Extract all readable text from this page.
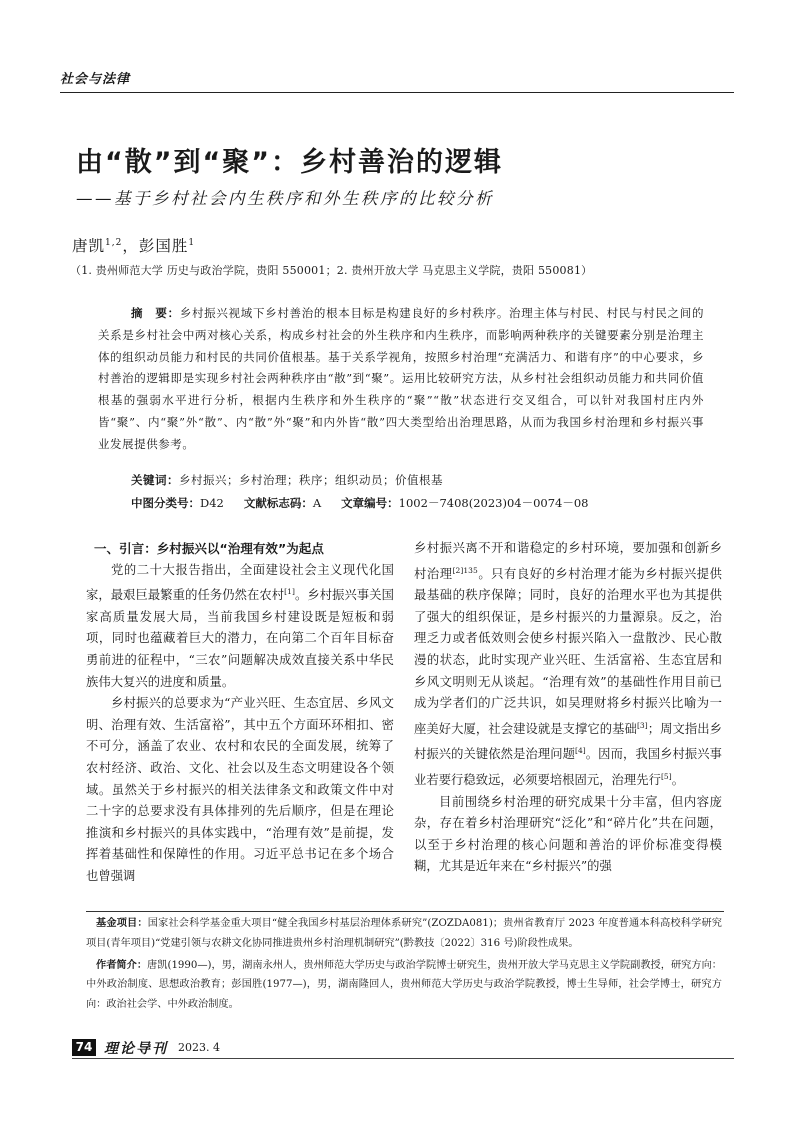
社会与法律
由“散”到“聚”：乡村善治的逻辑
——基于乡村社会内生秩序和外生秩序的比较分析
唐凯$^{1,2}$，彭国胜$^1$
（1. 贵州师范大学 历史与政治学院，贵阳 550001；2. 贵州开放大学 马克思主义学院，贵阳 550081）
摘　要：乡村振兴视域下乡村善治的根本目标是构建良好的乡村秩序。治理主体与村民、村民与村民之间的关系是乡村社会中两对核心关系，构成乡村社会的外生秩序和内生秩序，而影响两种秩序的关键要素分别是治理主体的组织动员能力和村民的共同价值根基。基于关系学视角，按照乡村治理“充满活力、和谐有序”的中心要求，乡村善治的逻辑即是实现乡村社会两种秩序由“散”到“聚”。运用比较研究方法，从乡村社会组织动员能力和共同价值根基的强弱水平进行分析，根据内生秩序和外生秩序的“聚”“散”状态进行交叉组合，可以针对我国村庄内外皆“聚”、内“聚”外“散”、内“散”外“聚”和内外皆“散”四大类型给出治理思路，从而为我国乡村治理和乡村振兴事业发展提供参考。
关键词：乡村振兴；乡村治理；秩序；组织动员；价值根基
中图分类号：D42 文献标志码：A 文章编号：1002－7408(2023)04－0074－08
一、引言：乡村振兴以“治理有效”为起点

党的二十大报告指出，全面建设社会主义现代化国家，最艰巨最繁重的任务仍然在农村[1]。乡村振兴事关国家高质量发展大局，当前我国乡村建设既是短板和弱项，同时也蕴藏着巨大的潜力，在向第二个百年目标奋勇前进的征程中，“三农”问题解决成效直接关系中华民族伟大复兴的进度和质量。

乡村振兴的总要求为“产业兴旺、生态宜居、乡风文明、治理有效、生活富裕”，其中五个方面环环相扣、密不可分，涵盖了农业、农村和农民的全面发展，统筹了农村经济、政治、文化、社会以及生态文明建设各个领域。虽然关于乡村振兴的相关法律条文和政策文件中对二十字的总要求没有具体排列的先后顺序，但是在理论推演和乡村振兴的具体实践中，“治理有效”是前提，发挥着基础性和保障性的作用。习近平总书记在多个场合也曾强调

乡村振兴离不开和谐稳定的乡村环境，要加强和创新乡村治理$^{[2]135}$。只有良好的乡村治理才能为乡村振兴提供最基础的秩序保障；同时，良好的治理水平也为其提供了强大的组织保证，是乡村振兴的力量源泉。反之，治理乏力或者低效则会使乡村振兴陷入一盘散沙、民心散漫的状态，此时实现产业兴旺、生活富裕、生态宜居和乡风文明则无从谈起。“治理有效”的基础性作用目前已成为学者们的广泛共识，如吴理财将乡村振兴比喻为一座美好大厦，社会建设就是支撑它的基础[3]；周文指出乡村振兴的关键依然是治理问题[4]。因而，我国乡村振兴事业若要行稳致远，必须要培根固元，治理先行[5]。

目前围绕乡村治理的研究成果十分丰富，但内容庞杂，存在着乡村治理研究“泛化”和“碎片化”共在问题，以至于乡村治理的核心问题和善治的评价标准变得模糊，尤其是近年来在“乡村振兴”的强

基金项目：国家社会科学基金重大项目“健全我国乡村基层治理体系研究”(ZOZDA081)；贵州省教育厅 2023 年度普通本科高校科学研究项目(青年项目)“党建引领与农耕文化协同推进贵州乡村治理机制研究”(黔教技〔2022〕316 号)阶段性成果。

作者简介：唐凯(1990—)，男，湖南永州人，贵州师范大学历史与政治学院博士研究生，贵州开放大学马克思主义学院副教授，研究方向：中外政治制度、思想政治教育；彭国胜(1977—)，男，湖南隆回人，贵州师范大学历史与政治学院教授，博士生导师，社会学博士，研究方向：政治社会学、中外政治制度。

74 理论导刊 2023. 4
